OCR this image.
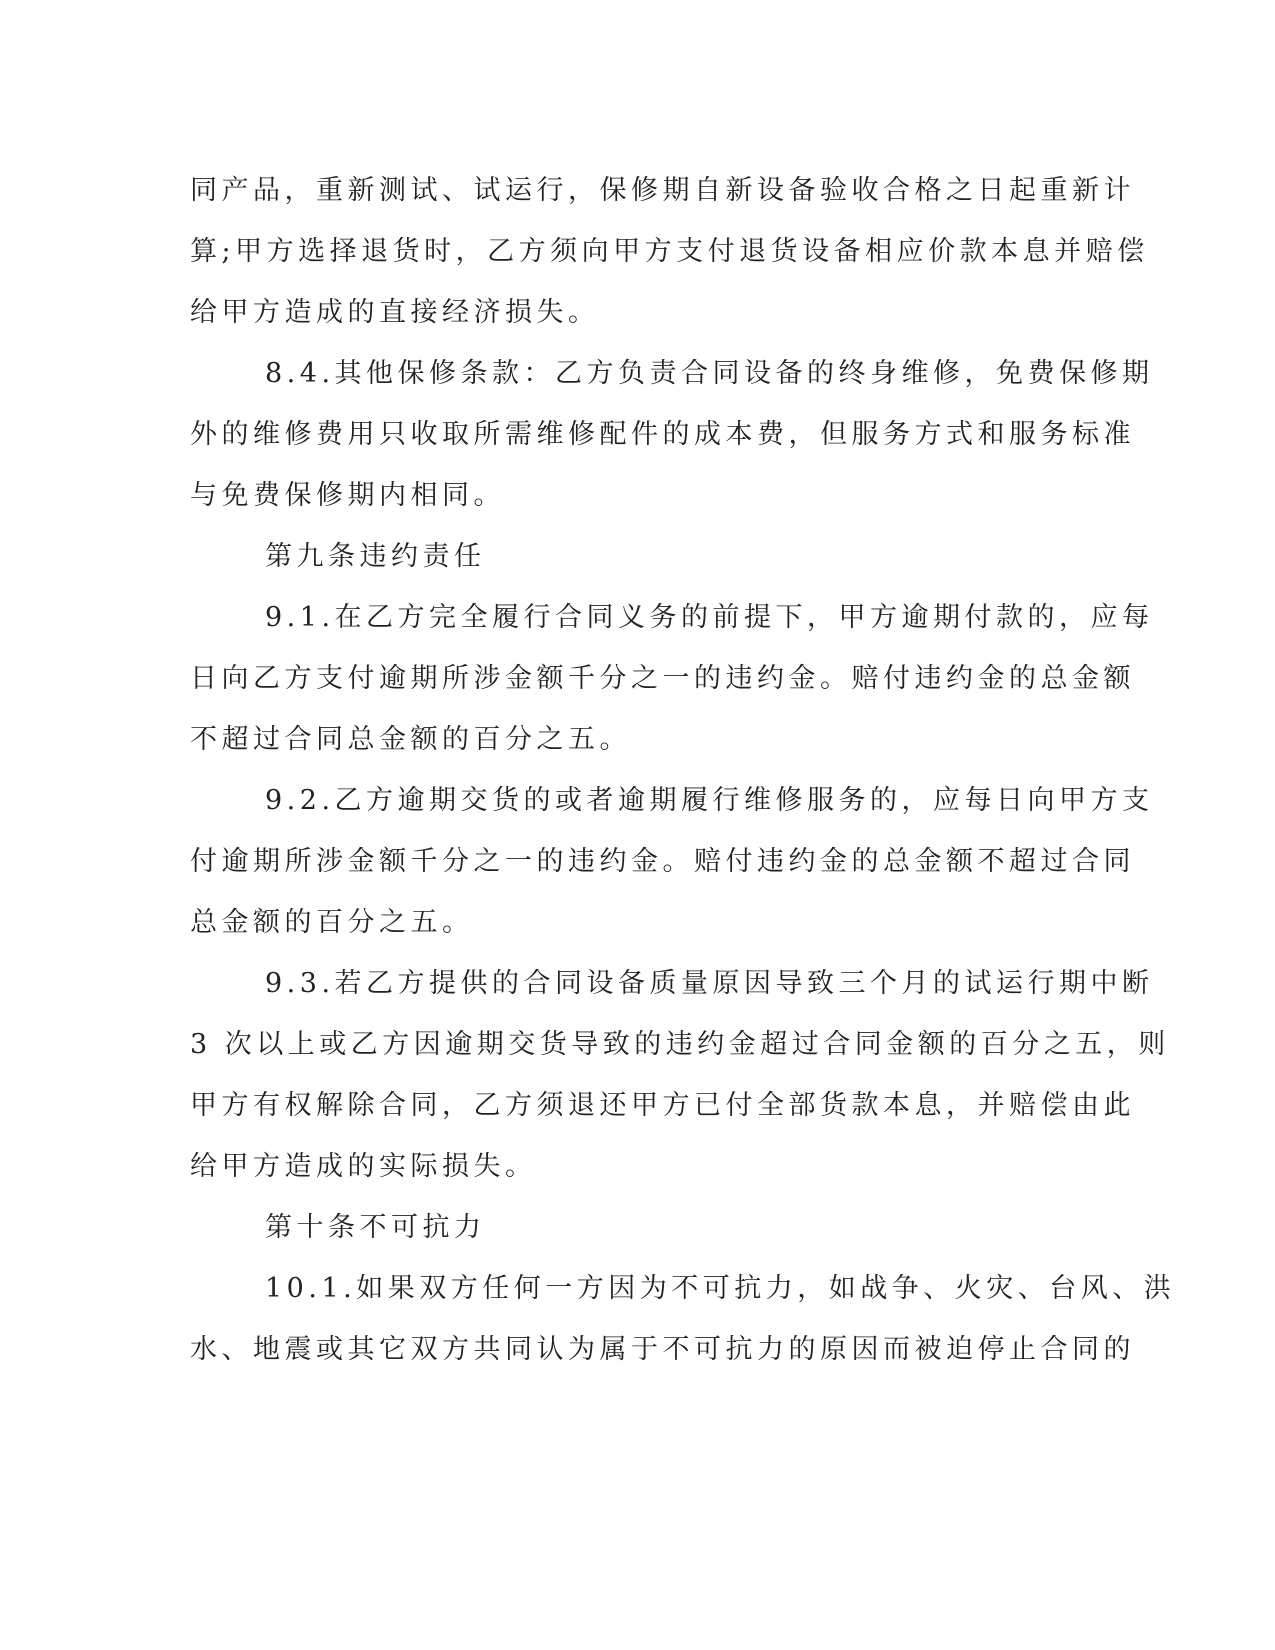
同产品，重新测试、试运行，保修期自新设备验收合格之日起重新计
算;甲方选择退货时，乙方须向甲方支付退货设备相应价款本息并赔偿
给甲方造成的直接经济损失。
8.4.其他保修条款：乙方负责合同设备的终身维修，免费保修期
外的维修费用只收取所需维修配件的成本费，但服务方式和服务标准
与免费保修期内相同。
第九条违约责任
9.1.在乙方完全履行合同义务的前提下，甲方逾期付款的，应每
日向乙方支付逾期所涉金额千分之一的违约金。赔付违约金的总金额
不超过合同总金额的百分之五。
9.2.乙方逾期交货的或者逾期履行维修服务的，应每日向甲方支
付逾期所涉金额千分之一的违约金。赔付违约金的总金额不超过合同
总金额的百分之五。
9.3.若乙方提供的合同设备质量原因导致三个月的试运行期中断
3 次以上或乙方因逾期交货导致的违约金超过合同金额的百分之五，则
甲方有权解除合同，乙方须退还甲方已付全部货款本息，并赔偿由此
给甲方造成的实际损失。
第十条不可抗力
10.1.如果双方任何一方因为不可抗力，如战争、火灾、台风、洪
水、地震或其它双方共同认为属于不可抗力的原因而被迫停止合同的
